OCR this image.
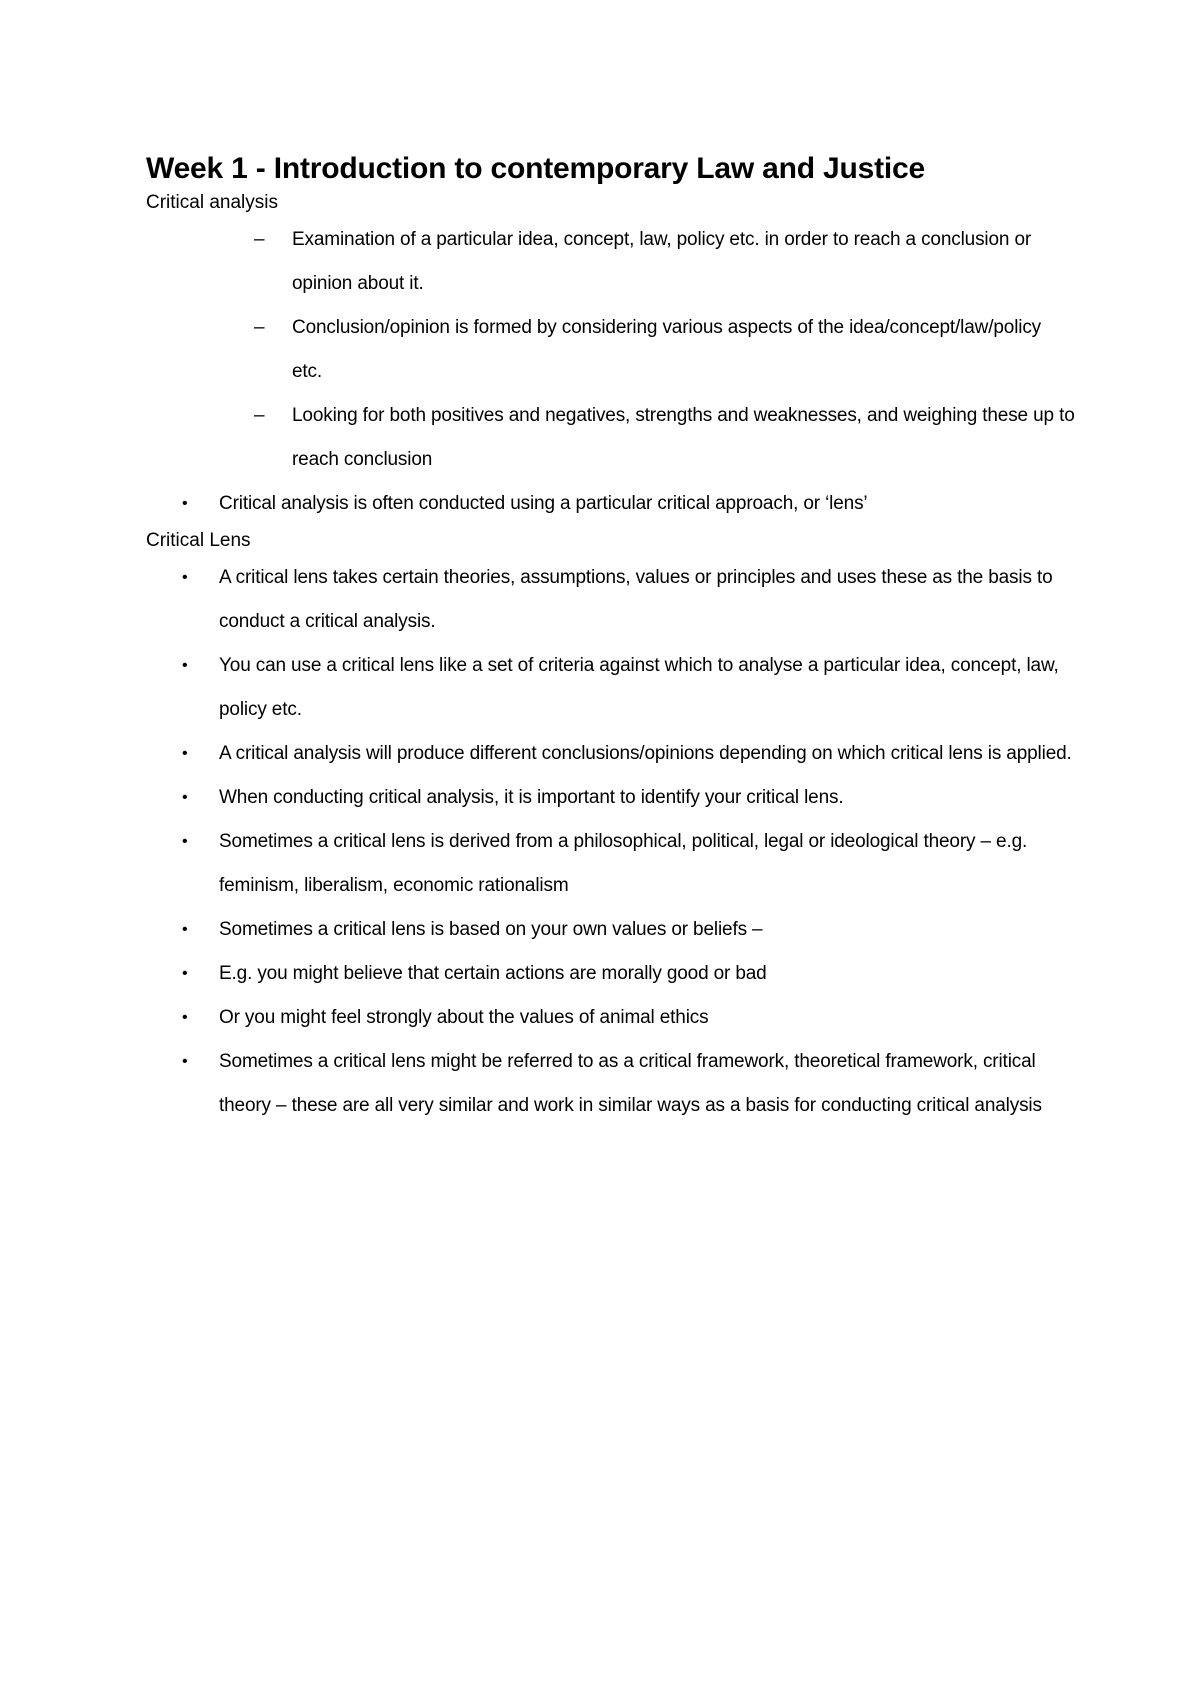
Week 1 - Introduction to contemporary Law and Justice

Critical analysis

– Examination of a particular idea, concept, law, policy etc. in order to reach a conclusion or opinion about it.
– Conclusion/opinion is formed by considering various aspects of the idea/concept/law/policy etc.
– Looking for both positives and negatives, strengths and weaknesses, and weighing these up to reach conclusion
• Critical analysis is often conducted using a particular critical approach, or ‘lens’

Critical Lens

• A critical lens takes certain theories, assumptions, values or principles and uses these as the basis to conduct a critical analysis.
• You can use a critical lens like a set of criteria against which to analyse a particular idea, concept, law, policy etc.
• A critical analysis will produce different conclusions/opinions depending on which critical lens is applied.
• When conducting critical analysis, it is important to identify your critical lens.
• Sometimes a critical lens is derived from a philosophical, political, legal or ideological theory – e.g. feminism, liberalism, economic rationalism
• Sometimes a critical lens is based on your own values or beliefs –
• E.g. you might believe that certain actions are morally good or bad
• Or you might feel strongly about the values of animal ethics
• Sometimes a critical lens might be referred to as a critical framework, theoretical framework, critical theory – these are all very similar and work in similar ways as a basis for conducting critical analysis
